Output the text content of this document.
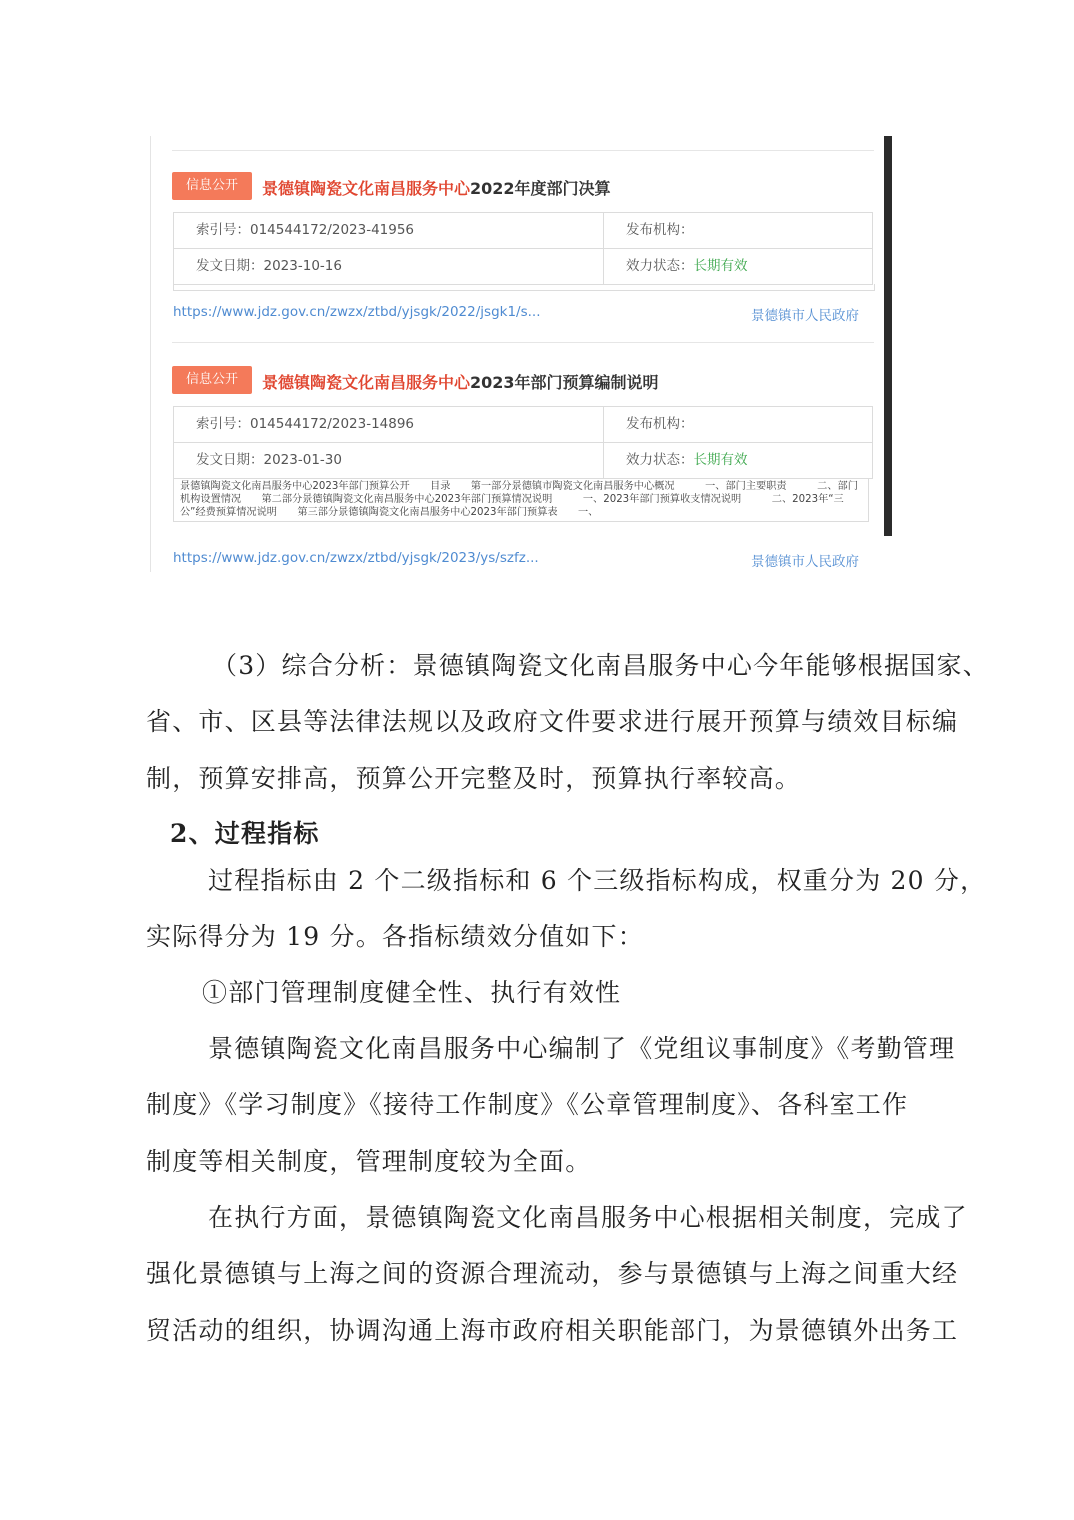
信息公开	景德镇陶瓷文化南昌服务中心2022年度部门决算
索引号：014544172/2023-41956	发布机构：
发文日期：2023-10-16	效力状态：长期有效
https://www.jdz.gov.cn/zwzx/ztbd/yjsgk/2022/jsgk1/s...	景德镇市人民政府
信息公开	景德镇陶瓷文化南昌服务中心2023年部门预算编制说明
索引号：014544172/2023-14896	发布机构：
发文日期：2023-01-30	效力状态：长期有效
景德镇陶瓷文化南昌服务中心2023年部门预算公开　　目录　　第一部分景德镇市陶瓷文化南昌服务中心概况　　　一、部门主要职责　　　二、部门机构设置情况　　第二部分景德镇陶瓷文化南昌服务中心2023年部门预算情况说明　　　一、2023年部门预算收支情况说明　　　二、2023年“三公”经费预算情况说明　　第三部分景德镇陶瓷文化南昌服务中心2023年部门预算表　　一、
https://www.jdz.gov.cn/zwzx/ztbd/yjsgk/2023/ys/szfz...	景德镇市人民政府
（3）综合分析：景德镇陶瓷文化南昌服务中心今年能够根据国家、
省、市、区县等法律法规以及政府文件要求进行展开预算与绩效目标编
制，预算安排高，预算公开完整及时，预算执行率较高。
2、过程指标
过程指标由 2 个二级指标和 6 个三级指标构成，权重分为 20 分，
实际得分为 19 分。各指标绩效分值如下：
①部门管理制度健全性、执行有效性
景德镇陶瓷文化南昌服务中心编制了《党组议事制度》《考勤管理
制度》《学习制度》《接待工作制度》《公章管理制度》、各科室工作
制度等相关制度，管理制度较为全面。
在执行方面，景德镇陶瓷文化南昌服务中心根据相关制度，完成了
强化景德镇与上海之间的资源合理流动，参与景德镇与上海之间重大经
贸活动的组织，协调沟通上海市政府相关职能部门，为景德镇外出务工
